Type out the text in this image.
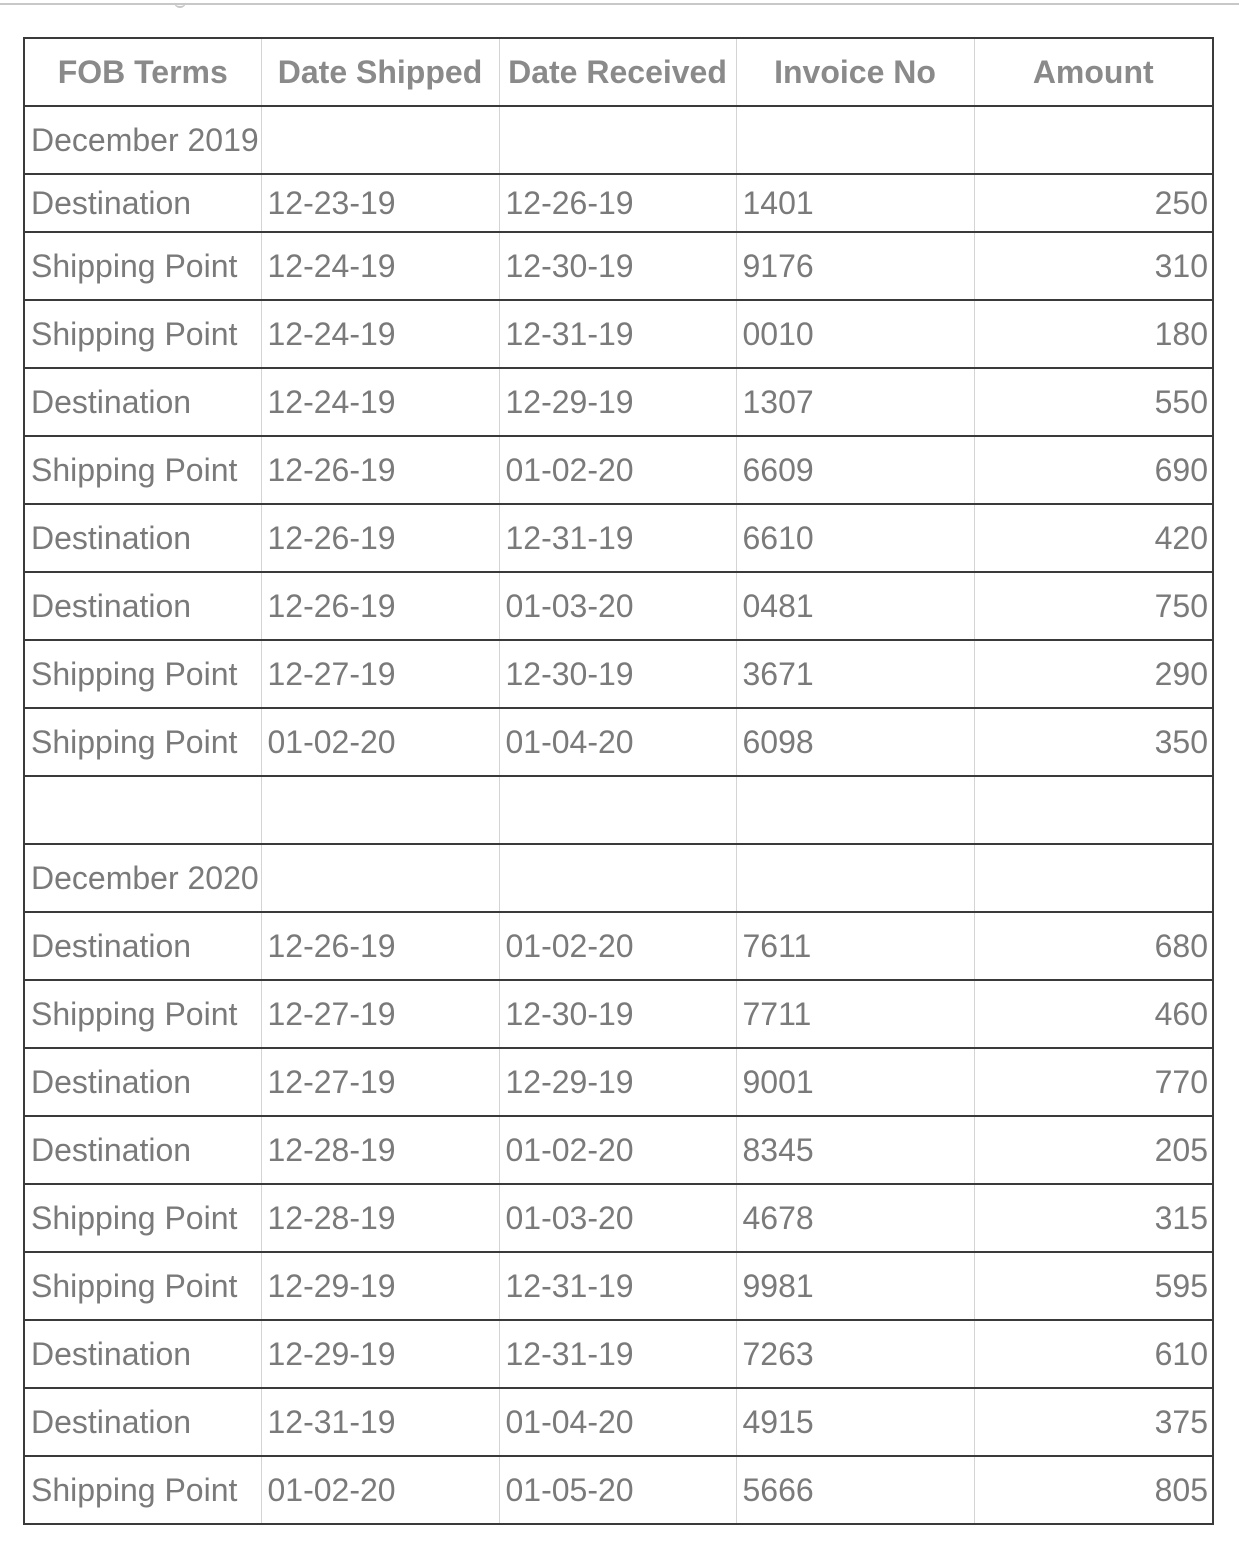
FOB Terms	Date Shipped	Date Received	Invoice No	Amount
December 2019				
Destination	12-23-19	12-26-19	1401	250
Shipping Point	12-24-19	12-30-19	9176	310
Shipping Point	12-24-19	12-31-19	0010	180
Destination	12-24-19	12-29-19	1307	550
Shipping Point	12-26-19	01-02-20	6609	690
Destination	12-26-19	12-31-19	6610	420
Destination	12-26-19	01-03-20	0481	750
Shipping Point	12-27-19	12-30-19	3671	290
Shipping Point	01-02-20	01-04-20	6098	350

December 2020				
Destination	12-26-19	01-02-20	7611	680
Shipping Point	12-27-19	12-30-19	7711	460
Destination	12-27-19	12-29-19	9001	770
Destination	12-28-19	01-02-20	8345	205
Shipping Point	12-28-19	01-03-20	4678	315
Shipping Point	12-29-19	12-31-19	9981	595
Destination	12-29-19	12-31-19	7263	610
Destination	12-31-19	01-04-20	4915	375
Shipping Point	01-02-20	01-05-20	5666	805
